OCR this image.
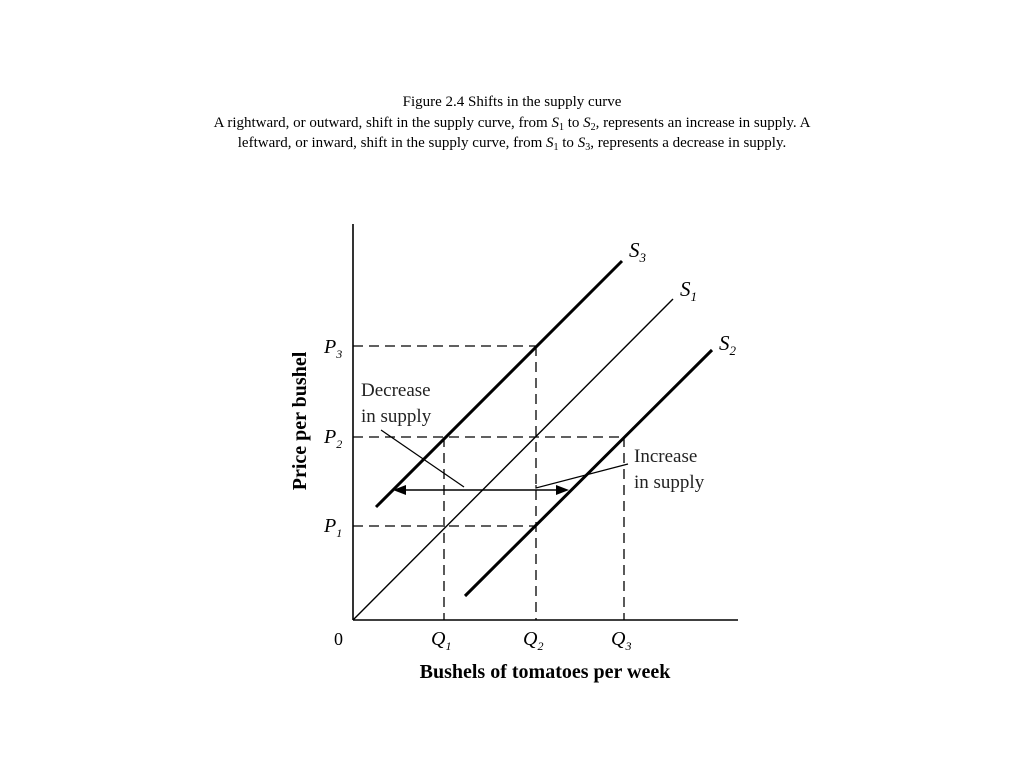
Figure 2.4 Shifts in the supply curve
A rightward, or outward, shift in the supply curve, from $S_1$ to $S_2$, represents an increase in supply. A leftward, or inward, shift in the supply curve, from $S_1$ to $S_3$, represents a decrease in supply.
$S_3$
$S_1$
$S_2$
$P_3$
$P_2$
$P_1$
$Q_1$	$Q_2$	$Q_3$
0
Decrease
in supply
Increase
in supply
Bushels of tomatoes per week
Price per bushel
